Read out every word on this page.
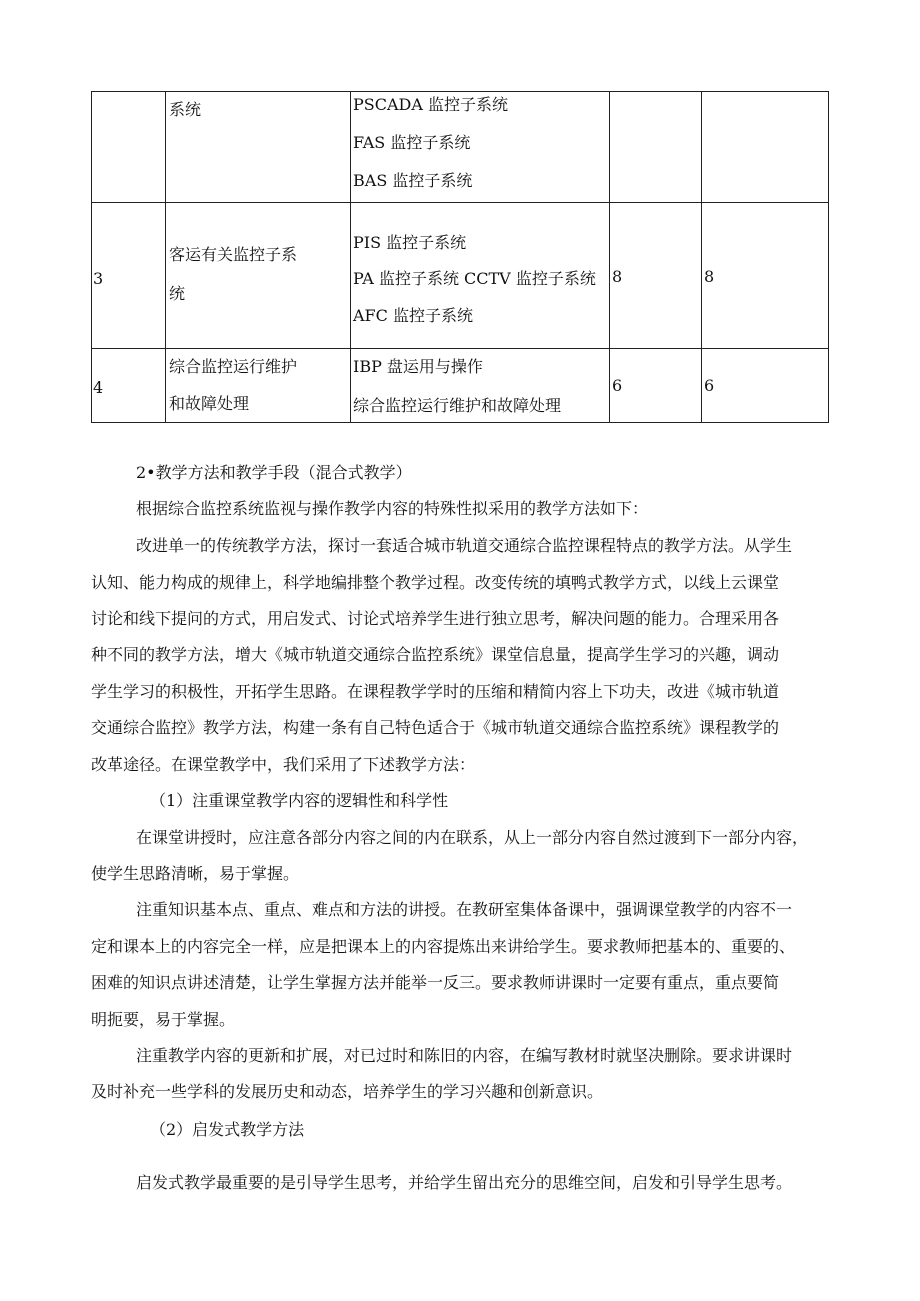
	系统	PSCADA 监控子系统
FAS 监控子系统
BAS 监控子系统		

3	客运有关监控子系
统	PIS 监控子系统
PA 监控子系统 CCTV 监控子系统
AFC 监控子系统	8	8

4	综合监控运行维护
和故障处理	IBP 盘运用与操作
综合监控运行维护和故障处理	6	6
2•教学方法和教学手段（混合式教学）
根据综合监控系统监视与操作教学内容的特殊性拟采用的教学方法如下：
改进单一的传统教学方法，探讨一套适合城市轨道交通综合监控课程特点的教学方法。从学生
认知、能力构成的规律上，科学地编排整个教学过程。改变传统的填鸭式教学方式，以线上云课堂
讨论和线下提问的方式，用启发式、讨论式培养学生进行独立思考，解决问题的能力。合理采用各
种不同的教学方法，增大《城市轨道交通综合监控系统》课堂信息量，提高学生学习的兴趣，调动
学生学习的积极性，开拓学生思路。在课程教学学时的压缩和精简内容上下功夫，改进《城市轨道
交通综合监控》教学方法，构建一条有自己特色适合于《城市轨道交通综合监控系统》课程教学的
改革途径。在课堂教学中，我们采用了下述教学方法：
（1）注重课堂教学内容的逻辑性和科学性
在课堂讲授时，应注意各部分内容之间的内在联系，从上一部分内容自然过渡到下一部分内容，
使学生思路清晰，易于掌握。
注重知识基本点、重点、难点和方法的讲授。在教研室集体备课中，强调课堂教学的内容不一
定和课本上的内容完全一样，应是把课本上的内容提炼出来讲给学生。要求教师把基本的、重要的、
困难的知识点讲述清楚，让学生掌握方法并能举一反三。要求教师讲课时一定要有重点，重点要简
明扼要，易于掌握。
注重教学内容的更新和扩展，对已过时和陈旧的内容，在编写教材时就坚决删除。要求讲课时
及时补充一些学科的发展历史和动态，培养学生的学习兴趣和创新意识。
（2）启发式教学方法
启发式教学最重要的是引导学生思考，并给学生留出充分的思维空间，启发和引导学生思考。
